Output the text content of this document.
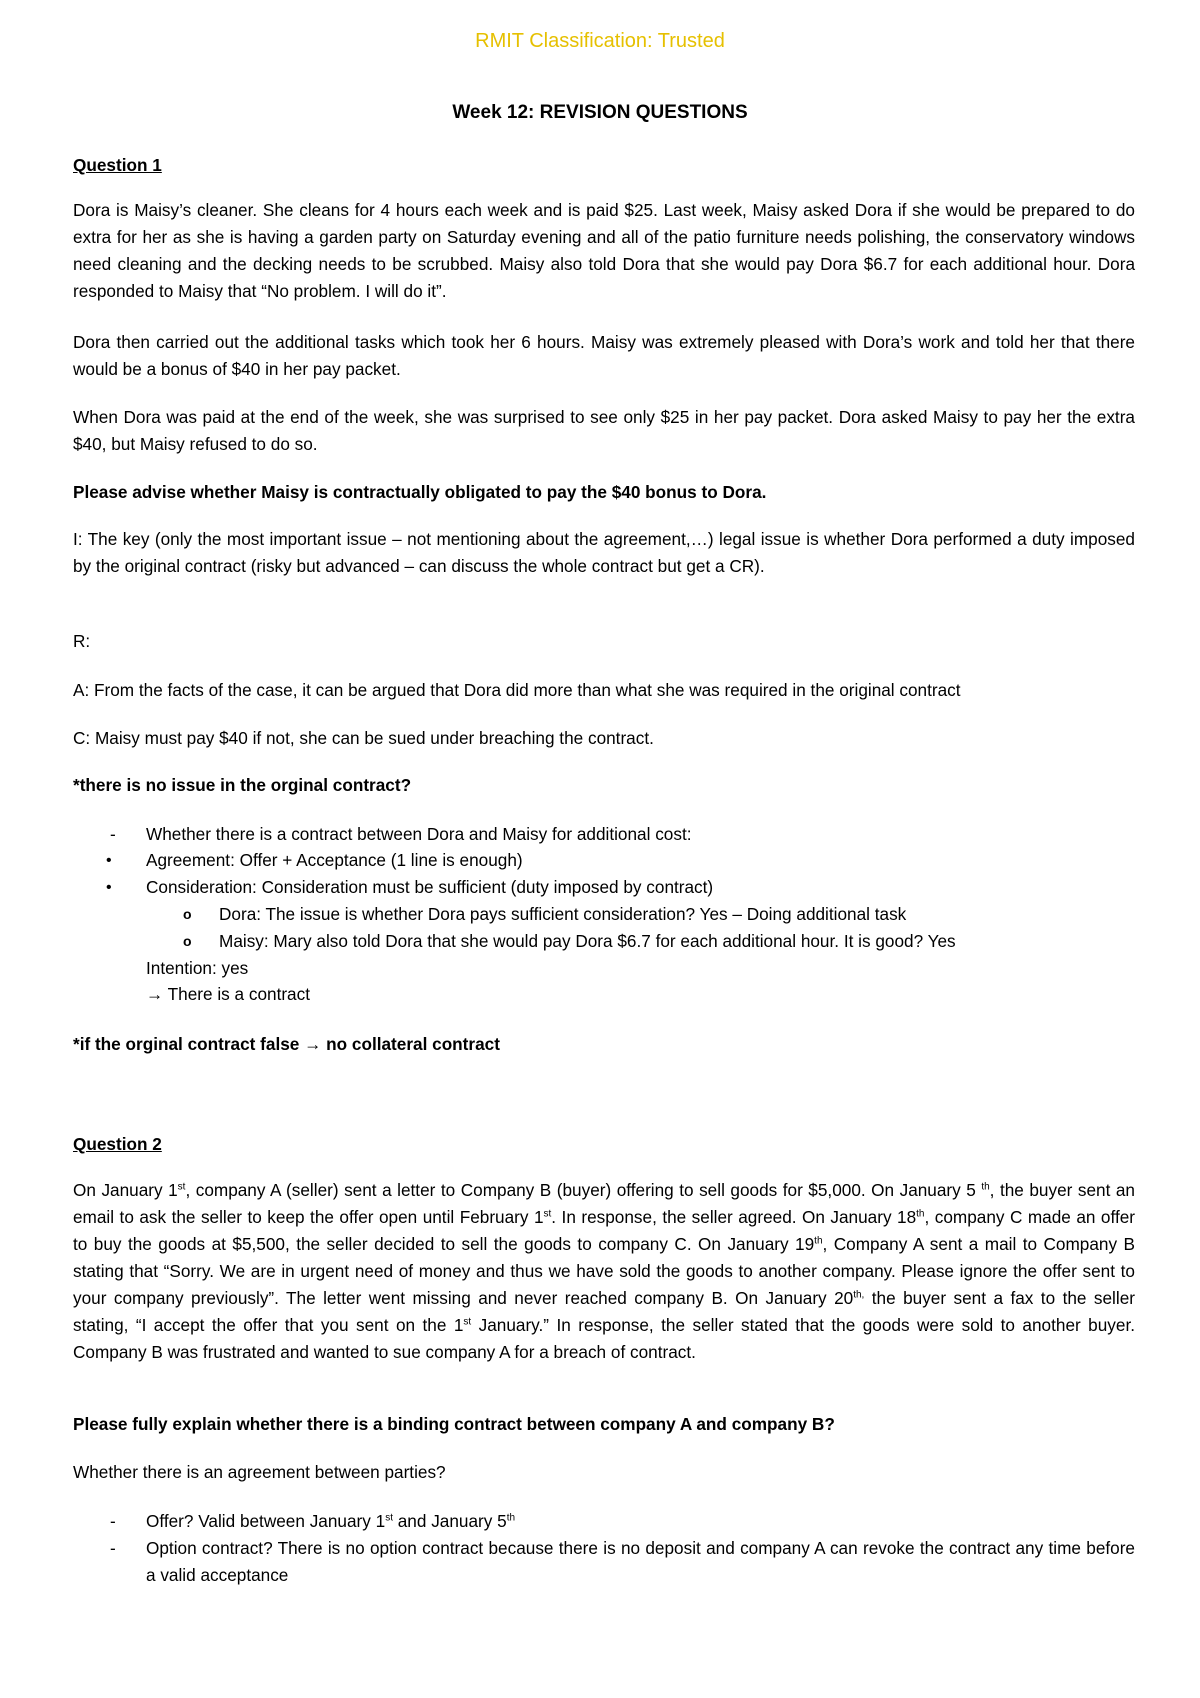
RMIT Classification: Trusted
Week 12: REVISION QUESTIONS
Question 1
Dora is Maisy’s cleaner. She cleans for 4 hours each week and is paid $25. Last week, Maisy asked Dora if she would be prepared to do extra for her as she is having a garden party on Saturday evening and all of the patio furniture needs polishing, the conservatory windows need cleaning and the decking needs to be scrubbed. Maisy also told Dora that she would pay Dora $6.7 for each additional hour. Dora responded to Maisy that “No problem. I will do it”.
Dora then carried out the additional tasks which took her 6 hours. Maisy was extremely pleased with Dora’s work and told her that there would be a bonus of $40 in her pay packet.
When Dora was paid at the end of the week, she was surprised to see only $25 in her pay packet. Dora asked Maisy to pay her the extra $40, but Maisy refused to do so.
Please advise whether Maisy is contractually obligated to pay the $40 bonus to Dora.
I: The key (only the most important issue – not mentioning about the agreement,…) legal issue is whether Dora performed a duty imposed by the original contract (risky but advanced – can discuss the whole contract but get a CR).
R:
A: From the facts of the case, it can be argued that Dora did more than what she was required in the original contract
C: Maisy must pay $40 if not, she can be sued under breaching the contract.
*there is no issue in the orginal contract?
- Whether there is a contract between Dora and Maisy for additional cost:
• Agreement: Offer + Acceptance (1 line is enough)
• Consideration: Consideration must be sufficient (duty imposed by contract)
o Dora: The issue is whether Dora pays sufficient consideration? Yes – Doing additional task
o Maisy: Mary also told Dora that she would pay Dora $6.7 for each additional hour. It is good? Yes
Intention: yes
→ There is a contract
*if the orginal contract false → no collateral contract
Question 2
On January 1st, company A (seller) sent a letter to Company B (buyer) offering to sell goods for $5,000. On January 5 $^{th}$, the buyer sent an email to ask the seller to keep the offer open until February 1st. In response, the seller agreed. On January 18th, company C made an offer to buy the goods at $5,500, the seller decided to sell the goods to company C. On January 19th, Company A sent a mail to Company B stating that “Sorry. We are in urgent need of money and thus we have sold the goods to another company. Please ignore the offer sent to your company previously”. The letter went missing and never reached company B. On January $20^{th,}$ the buyer sent a fax to the seller stating, “I accept the offer that you sent on the 1st January.” In response, the seller stated that the goods were sold to another buyer. Company B was frustrated and wanted to sue company A for a breach of contract.
Please fully explain whether there is a binding contract between company A and company B?
Whether there is an agreement between parties?
- Offer? Valid between January 1st and January 5th
- Option contract? There is no option contract because there is no deposit and company A can revoke the contract any time before a valid acceptance
